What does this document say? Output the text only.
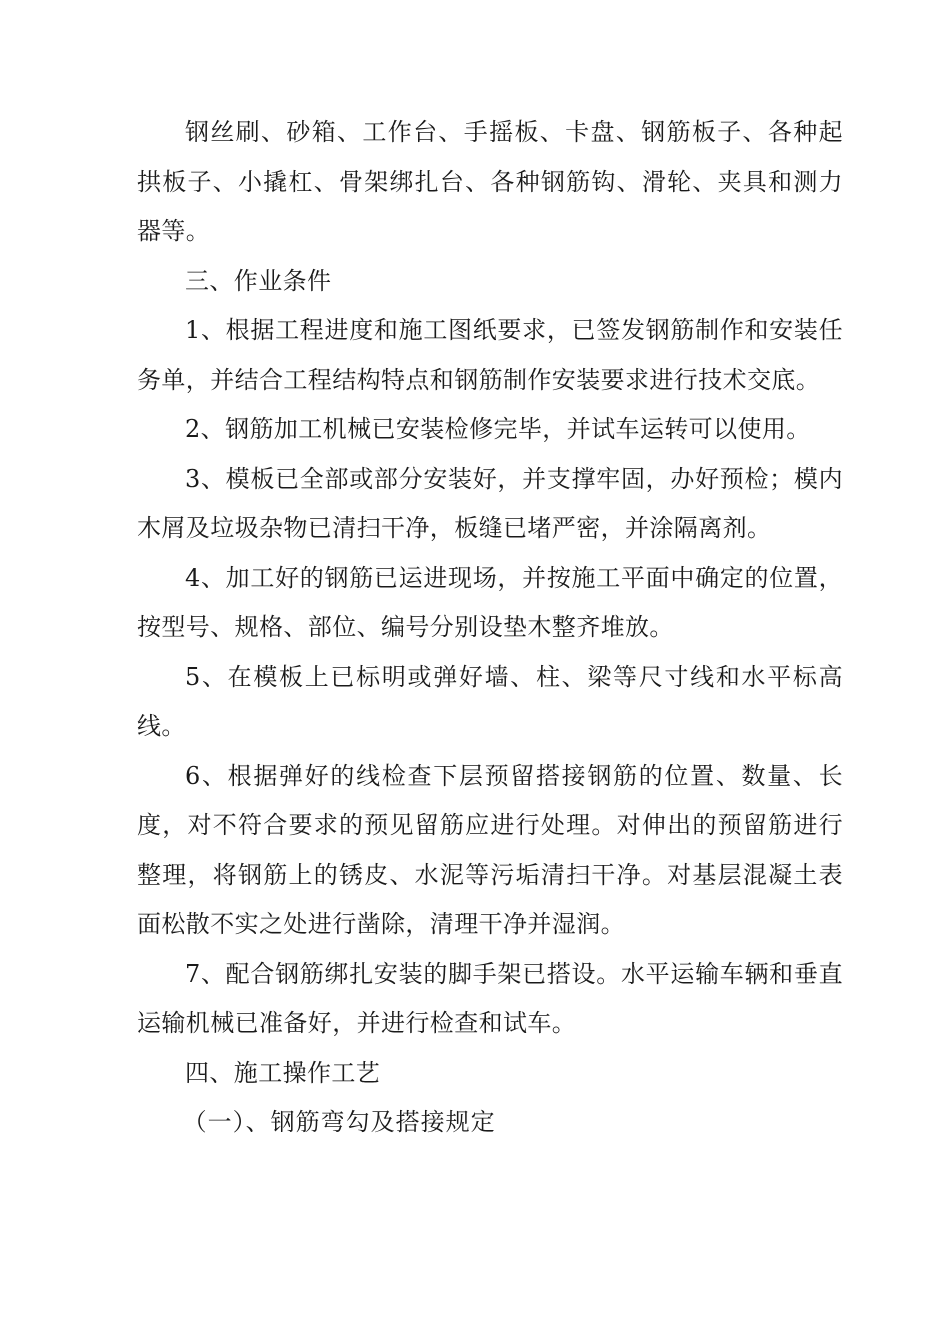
钢丝刷、砂箱、工作台、手摇板、卡盘、钢筋板子、各种起拱板子、小撬杠、骨架绑扎台、各种钢筋钩、滑轮、夹具和测力器等。

三、作业条件

1、根据工程进度和施工图纸要求，已签发钢筋制作和安装任务单，并结合工程结构特点和钢筋制作安装要求进行技术交底。

2、钢筋加工机械已安装检修完毕，并试车运转可以使用。

3、模板已全部或部分安装好，并支撑牢固，办好预检；模内木屑及垃圾杂物已清扫干净，板缝已堵严密，并涂隔离剂。

4、加工好的钢筋已运进现场，并按施工平面中确定的位置，按型号、规格、部位、编号分别设垫木整齐堆放。

5、在模板上已标明或弹好墙、柱、梁等尺寸线和水平标高线。

6、根据弹好的线检查下层预留搭接钢筋的位置、数量、长度，对不符合要求的预见留筋应进行处理。对伸出的预留筋进行整理，将钢筋上的锈皮、水泥等污垢清扫干净。对基层混凝土表面松散不实之处进行凿除，清理干净并湿润。

7、配合钢筋绑扎安装的脚手架已搭设。水平运输车辆和垂直运输机械已准备好，并进行检查和试车。

四、施工操作工艺

（一）、钢筋弯勾及搭接规定
